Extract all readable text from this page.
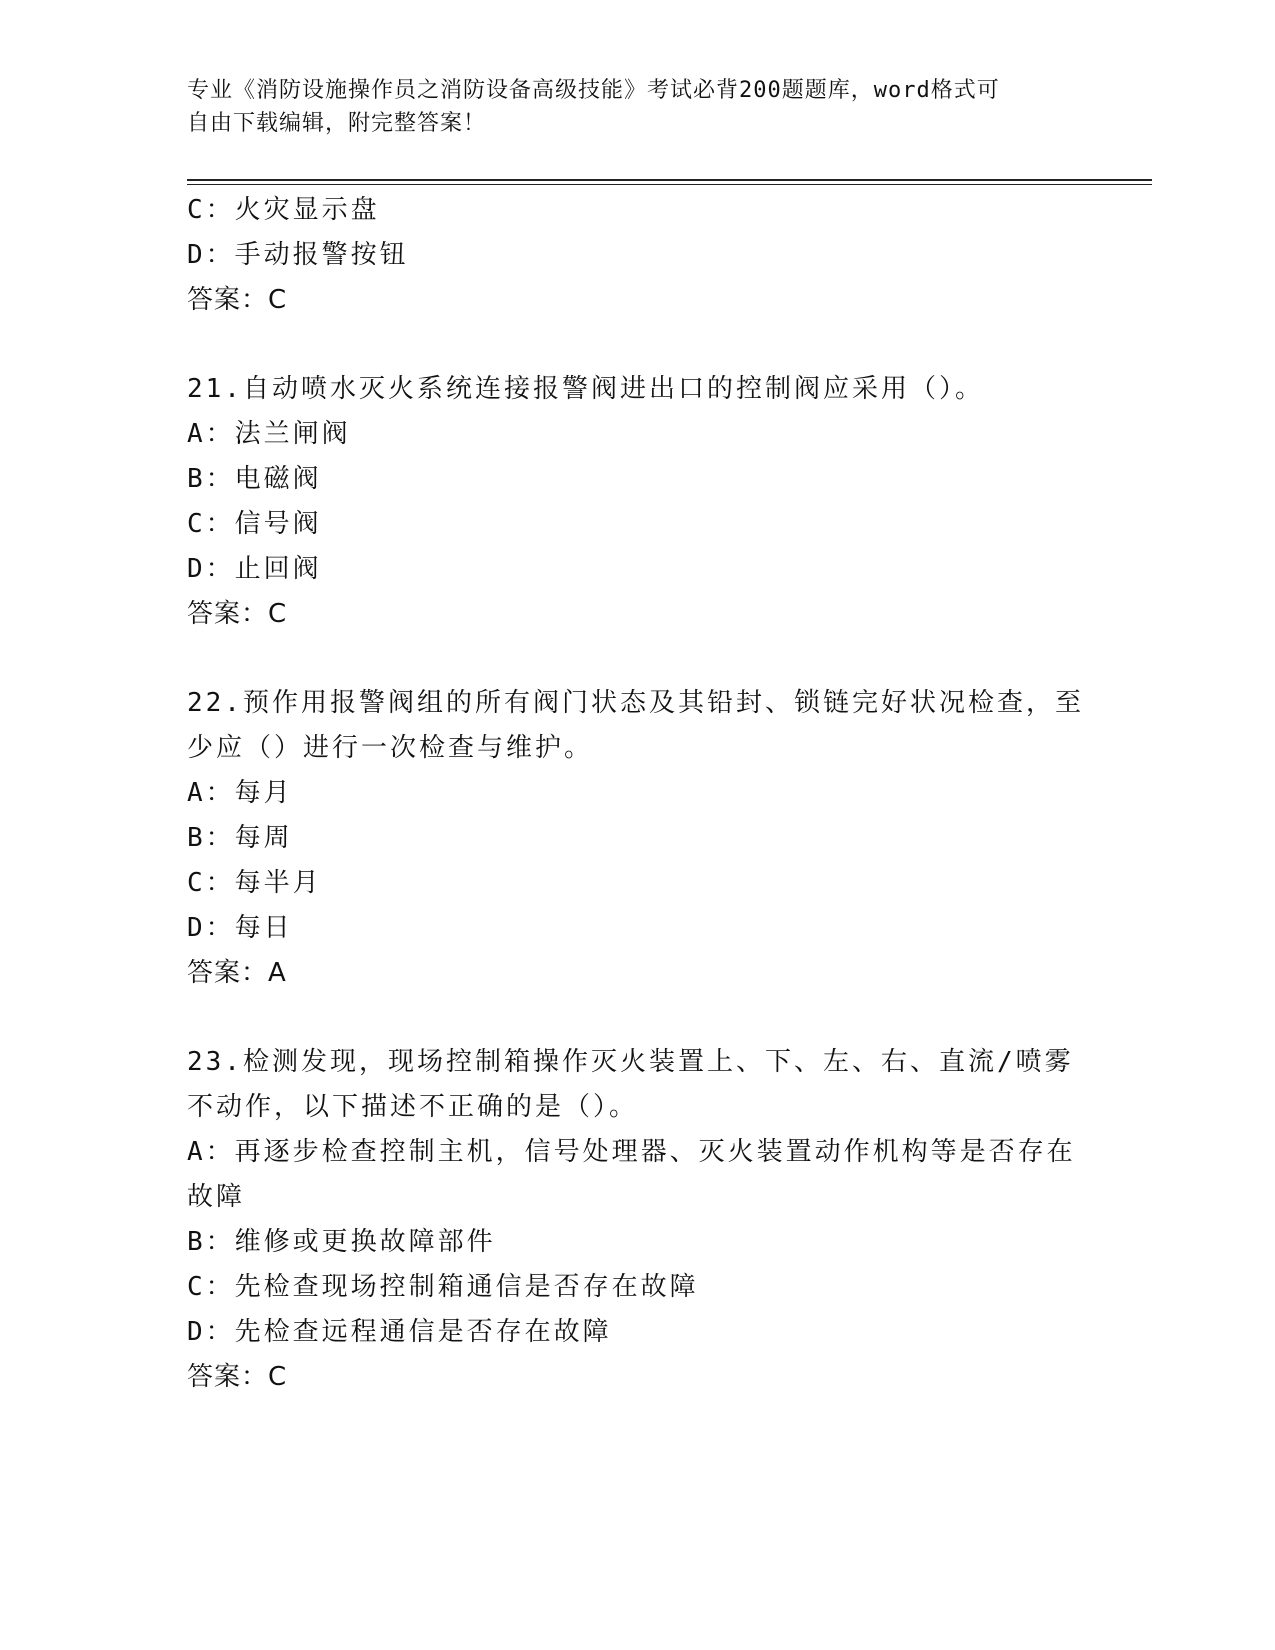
专业《消防设施操作员之消防设备高级技能》考试必背200题题库，word格式可
自由下载编辑，附完整答案！
C：火灾显示盘
D：手动报警按钮
答案：C
21.自动喷水灭火系统连接报警阀进出口的控制阀应采用（）。
A：法兰闸阀
B：电磁阀
C：信号阀
D：止回阀
答案：C
22.预作用报警阀组的所有阀门状态及其铅封、锁链完好状况检查，至
少应（）进行一次检查与维护。
A：每月
B：每周
C：每半月
D：每日
答案：A
23.检测发现，现场控制箱操作灭火装置上、下、左、右、直流/喷雾
不动作，以下描述不正确的是（）。
A：再逐步检查控制主机，信号处理器、灭火装置动作机构等是否存在
故障
B：维修或更换故障部件
C：先检查现场控制箱通信是否存在故障
D：先检查远程通信是否存在故障
答案：C
